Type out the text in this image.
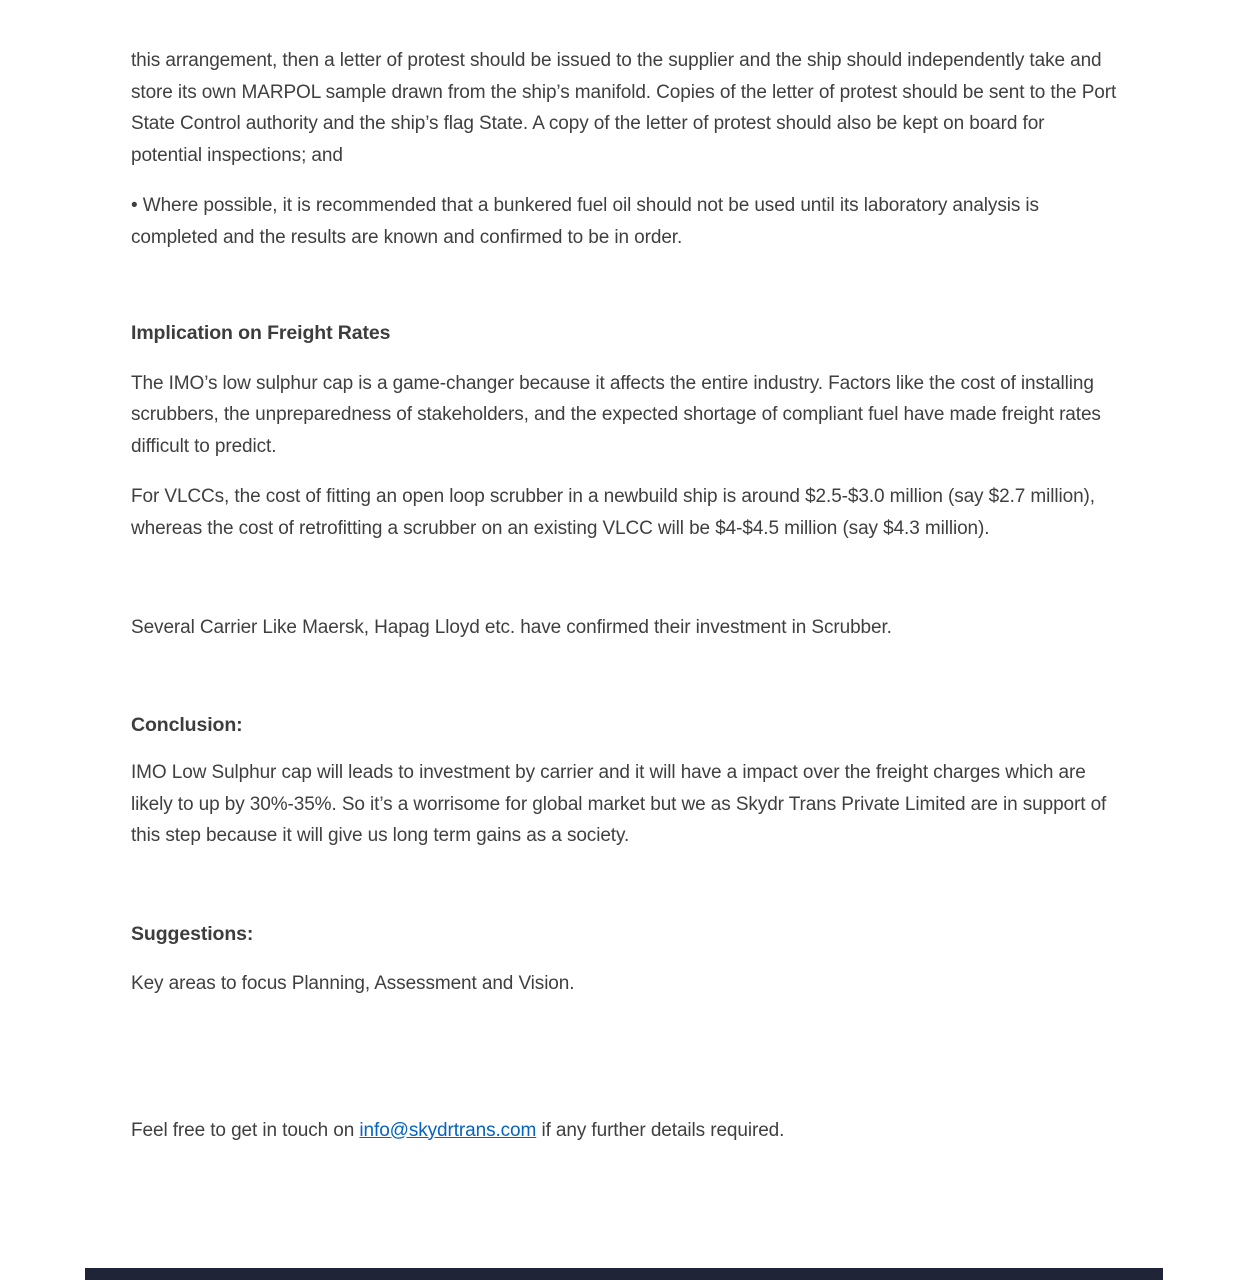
this arrangement, then a letter of protest should be issued to the supplier and the ship should independently take and store its own MARPOL sample drawn from the ship’s manifold. Copies of the letter of protest should be sent to the Port State Control authority and the ship’s flag State. A copy of the letter of protest should also be kept on board for potential inspections; and

• Where possible, it is recommended that a bunkered fuel oil should not be used until its laboratory analysis is completed and the results are known and confirmed to be in order.

Implication on Freight Rates

The IMO’s low sulphur cap is a game-changer because it affects the entire industry. Factors like the cost of installing scrubbers, the unpreparedness of stakeholders, and the expected shortage of compliant fuel have made freight rates difficult to predict.

For VLCCs, the cost of fitting an open loop scrubber in a newbuild ship is around $2.5-$3.0 million (say $2.7 million), whereas the cost of retrofitting a scrubber on an existing VLCC will be $4-$4.5 million (say $4.3 million).

Several Carrier Like Maersk, Hapag Lloyd etc. have confirmed their investment in Scrubber.

Conclusion:

IMO Low Sulphur cap will leads to investment by carrier and it will have a impact over the freight charges which are likely to up by 30%-35%. So it’s a worrisome for global market but we as Skydr Trans Private Limited are in support of this step because it will give us long term gains as a society.

Suggestions:

Key areas to focus Planning, Assessment and Vision.

Feel free to get in touch on info@skydrtrans.com if any further details required.
